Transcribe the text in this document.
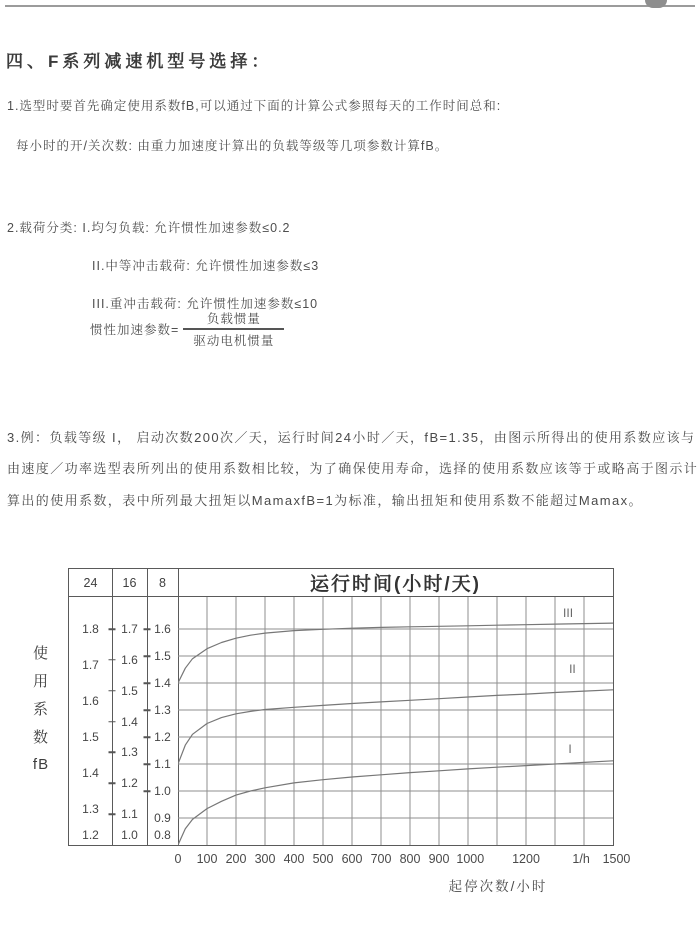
四、F系列减速机型号选择：

1.选型时要首先确定使用系数fB,可以通过下面的计算公式参照每天的工作时间总和:

每小时的开/关次数: 由重力加速度计算出的负载等级等几项参数计算fB。

2.载荷分类: I.均匀负载: 允许惯性加速参数≤0.2

II.中等冲击载荷: 允许惯性加速参数≤3

III.重冲击载荷: 允许惯性加速参数≤10

惯性加速参数= $\frac{\text{负载惯量}}{\text{驱动电机惯量}}$

3.例：负载等级 I， 启动次数200次／天，运行时间24小时／天，fB=1.35，由图示所得出的使用系数应该与

由速度／功率选型表所列出的使用系数相比较，为了确保使用寿命，选择的使用系数应该等于或略高于图示计

算出的使用系数，表中所列最大扭矩以MamaxfB=1为标准，输出扭矩和使用系数不能超过Mamax。

使
用
系
数
fB
24	16	8	运行时间(小时/天)
III
II
I
起停次数/小时
1.8
1.7
1.6
1.5
1.4
1.3
1.2
1.7
1.6
1.5
1.4
1.3
1.2
1.1
1.0
1.6
1.5
1.4
1.3
1.2
1.1
1.0
0.9
0.8
0 100 200 300 400 500 600 700 800 900 1000 1200	1/h 1500
